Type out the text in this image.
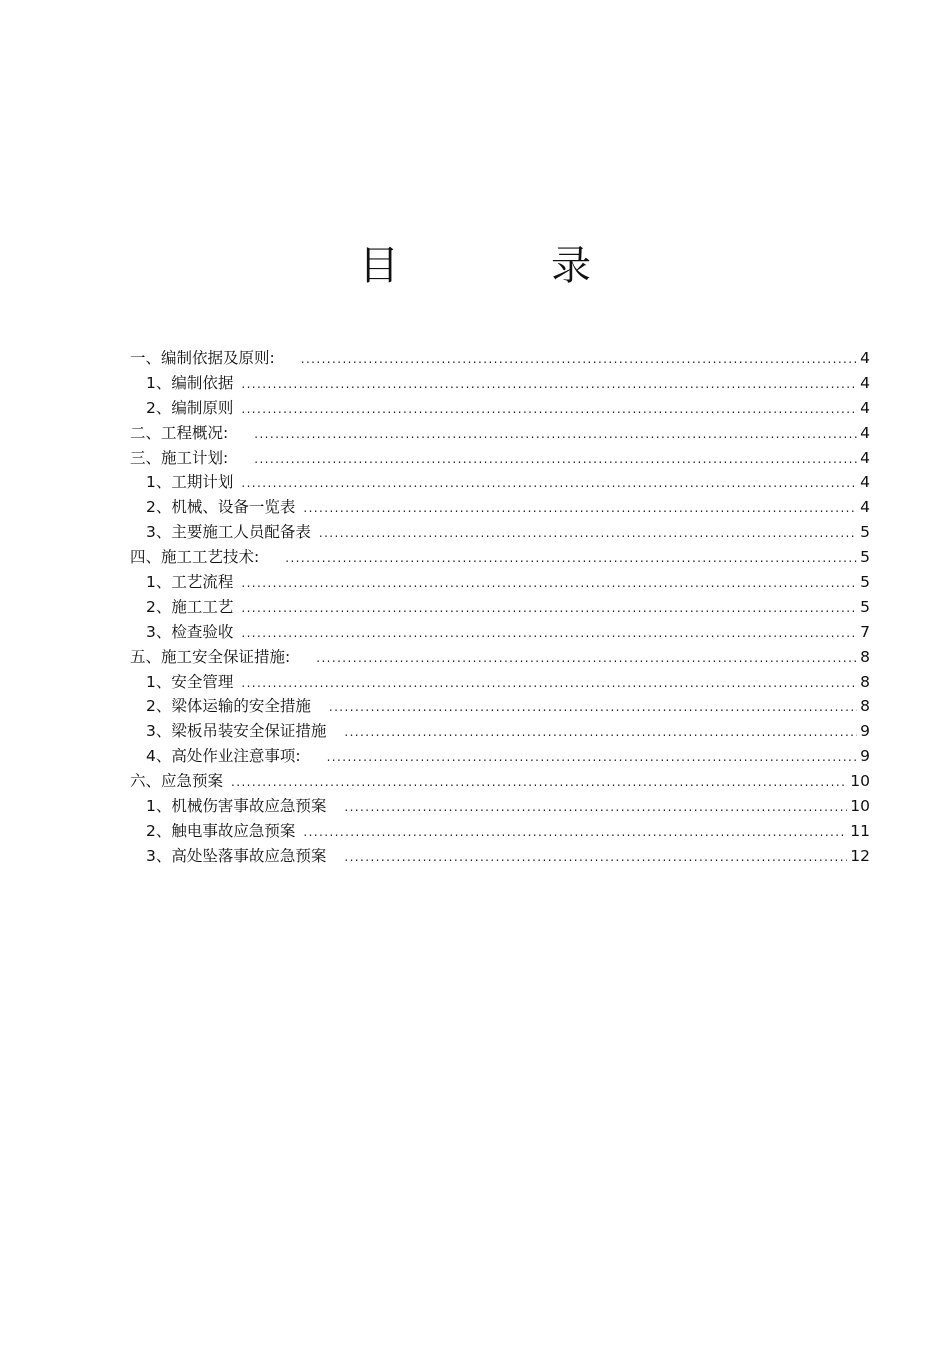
目　录
一、编制依据及原则: .....	4
1、编制依据 .....	4
2、编制原则 .....	4
二、工程概况: .....	4
三、施工计划: .....	4
1、工期计划 .....	4
2、机械、设备一览表 .....	4
3、主要施工人员配备表 .....	5
四、施工工艺技术: .....	5
1、工艺流程 .....	5
2、施工工艺 .....	5
3、检查验收 .....	7
五、施工安全保证措施: .....	8
1、安全管理 .....	8
2、梁体运输的安全措施 .....	8
3、梁板吊装安全保证措施 .....	9
4、高处作业注意事项: .....	9
六、应急预案 .....	10
1、机械伤害事故应急预案 .....	10
2、触电事故应急预案 .....	11
3、高处坠落事故应急预案 .....	12
